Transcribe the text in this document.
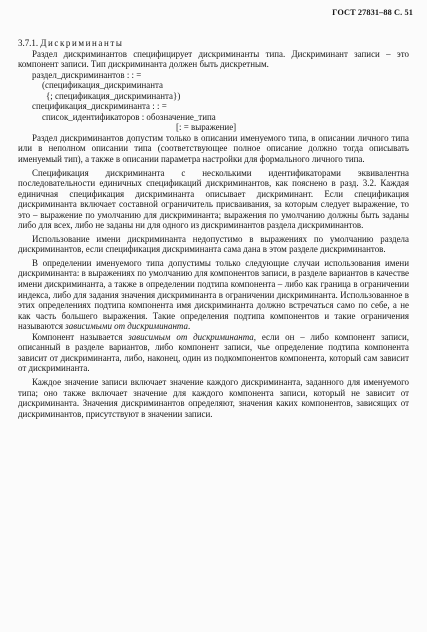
ГОСТ 27831–88 С. 51

3.7.1. Дискриминанты

Раздел дискриминантов специфицирует дискриминанты типа. Дискриминант записи – это компонент записи. Тип дискриминанта должен быть дискретным.

раздел_дискриминантов : : =

(спецификация_дискриминанта

{; спецификация_дискриминанта})

спецификация_дискриминанта : : =

список_идентификаторов : обозначение_типа

[: = выражение]

Раздел дискриминантов допустим только в описании именуемого типа, в описании личного типа или в неполном описании типа (соответствующее полное описание должно тогда описывать именуемый тип), а также в описании параметра настройки для формального личного типа.

Спецификация дискриминанта с несколькими идентификаторами эквивалентна последовательности единичных спецификаций дискриминантов, как пояснено в разд. 3.2. Каждая единичная спецификация дискриминанта описывает дискриминант. Если спецификация дискриминанта включает составной ограничитель присваивания, за которым следует выражение, то это – выражение по умолчанию для дискриминанта; выражения по умолчанию должны быть заданы либо для всех, либо не заданы ни для одного из дискриминантов раздела дискриминантов.

Использование имени дискриминанта недопустимо в выражениях по умолчанию раздела дискриминантов, если спецификация дискриминанта сама дана в этом разделе дискриминантов.

В определении именуемого типа допустимы только следующие случаи использования имени дискриминанта: в выражениях по умолчанию для компонентов записи, в разделе вариантов в качестве имени дискриминанта, а также в определении подтипа компонента – либо как граница в ограничении индекса, либо для задания значения дискриминанта в ограничении дискриминанта. Использованное в этих определениях подтипа компонента имя дискриминанта должно встречаться само по себе, а не как часть большего выражения. Такие определения подтипа компонентов и такие ограничения называются зависимыми от дискриминанта.

Компонент называется зависимым от дискриминанта, если он – либо компонент записи, описанный в разделе вариантов, либо компонент записи, чье определение подтипа компонента зависит от дискриминанта, либо, наконец, один из подкомпонентов компонента, который сам зависит от дискриминанта.

Каждое значение записи включает значение каждого дискриминанта, заданного для именуемого типа; оно также включает значение для каждого компонента записи, который не зависит от дискриминанта. Значения дискриминантов определяют, значения каких компонентов, зависящих от дискриминантов, присутствуют в значении записи.
